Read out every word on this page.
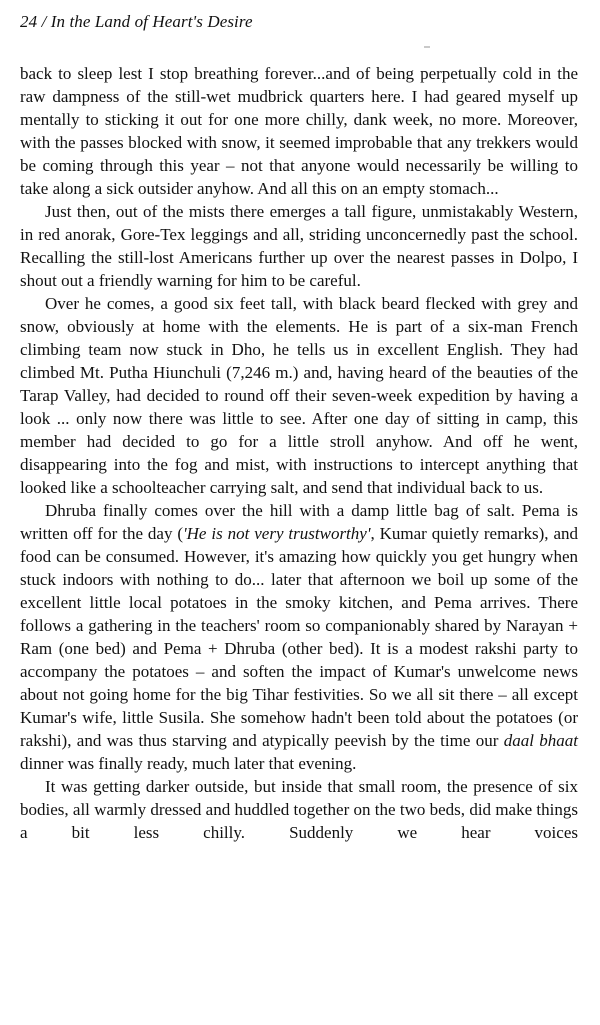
24 / In the Land of Heart's Desire

back to sleep lest I stop breathing forever...and of being perpetually cold in the raw dampness of the still-wet mudbrick quarters here. I had geared myself up mentally to sticking it out for one more chilly, dank week, no more. Moreover, with the passes blocked with snow, it seemed improbable that any trekkers would be coming through this year – not that anyone would necessarily be willing to take along a sick outsider anyhow. And all this on an empty stomach...

Just then, out of the mists there emerges a tall figure, unmistakably Western, in red anorak, Gore-Tex leggings and all, striding unconcernedly past the school. Recalling the still-lost Americans further up over the nearest passes in Dolpo, I shout out a friendly warning for him to be careful.

Over he comes, a good six feet tall, with black beard flecked with grey and snow, obviously at home with the elements. He is part of a six-man French climbing team now stuck in Dho, he tells us in excellent English. They had climbed Mt. Putha Hiunchuli (7,246 m.) and, having heard of the beauties of the Tarap Valley, had decided to round off their seven-week expedition by having a look ... only now there was little to see. After one day of sitting in camp, this member had decided to go for a little stroll anyhow. And off he went, disappearing into the fog and mist, with instructions to intercept anything that looked like a schoolteacher carrying salt, and send that individual back to us.

Dhruba finally comes over the hill with a damp little bag of salt. Pema is written off for the day ('He is not very trustworthy', Kumar quietly remarks), and food can be consumed. However, it's amazing how quickly you get hungry when stuck indoors with nothing to do... later that afternoon we boil up some of the excellent little local potatoes in the smoky kitchen, and Pema arrives. There follows a gathering in the teachers' room so companionably shared by Narayan + Ram (one bed) and Pema + Dhruba (other bed). It is a modest rakshi party to accompany the potatoes – and soften the impact of Kumar's unwelcome news about not going home for the big Tihar festivities. So we all sit there – all except Kumar's wife, little Susila. She somehow hadn't been told about the potatoes (or rakshi), and was thus starving and atypically peevish by the time our daal bhaat dinner was finally ready, much later that evening.

It was getting darker outside, but inside that small room, the presence of six bodies, all warmly dressed and huddled together on the two beds, did make things a bit less chilly. Suddenly we hear voices
